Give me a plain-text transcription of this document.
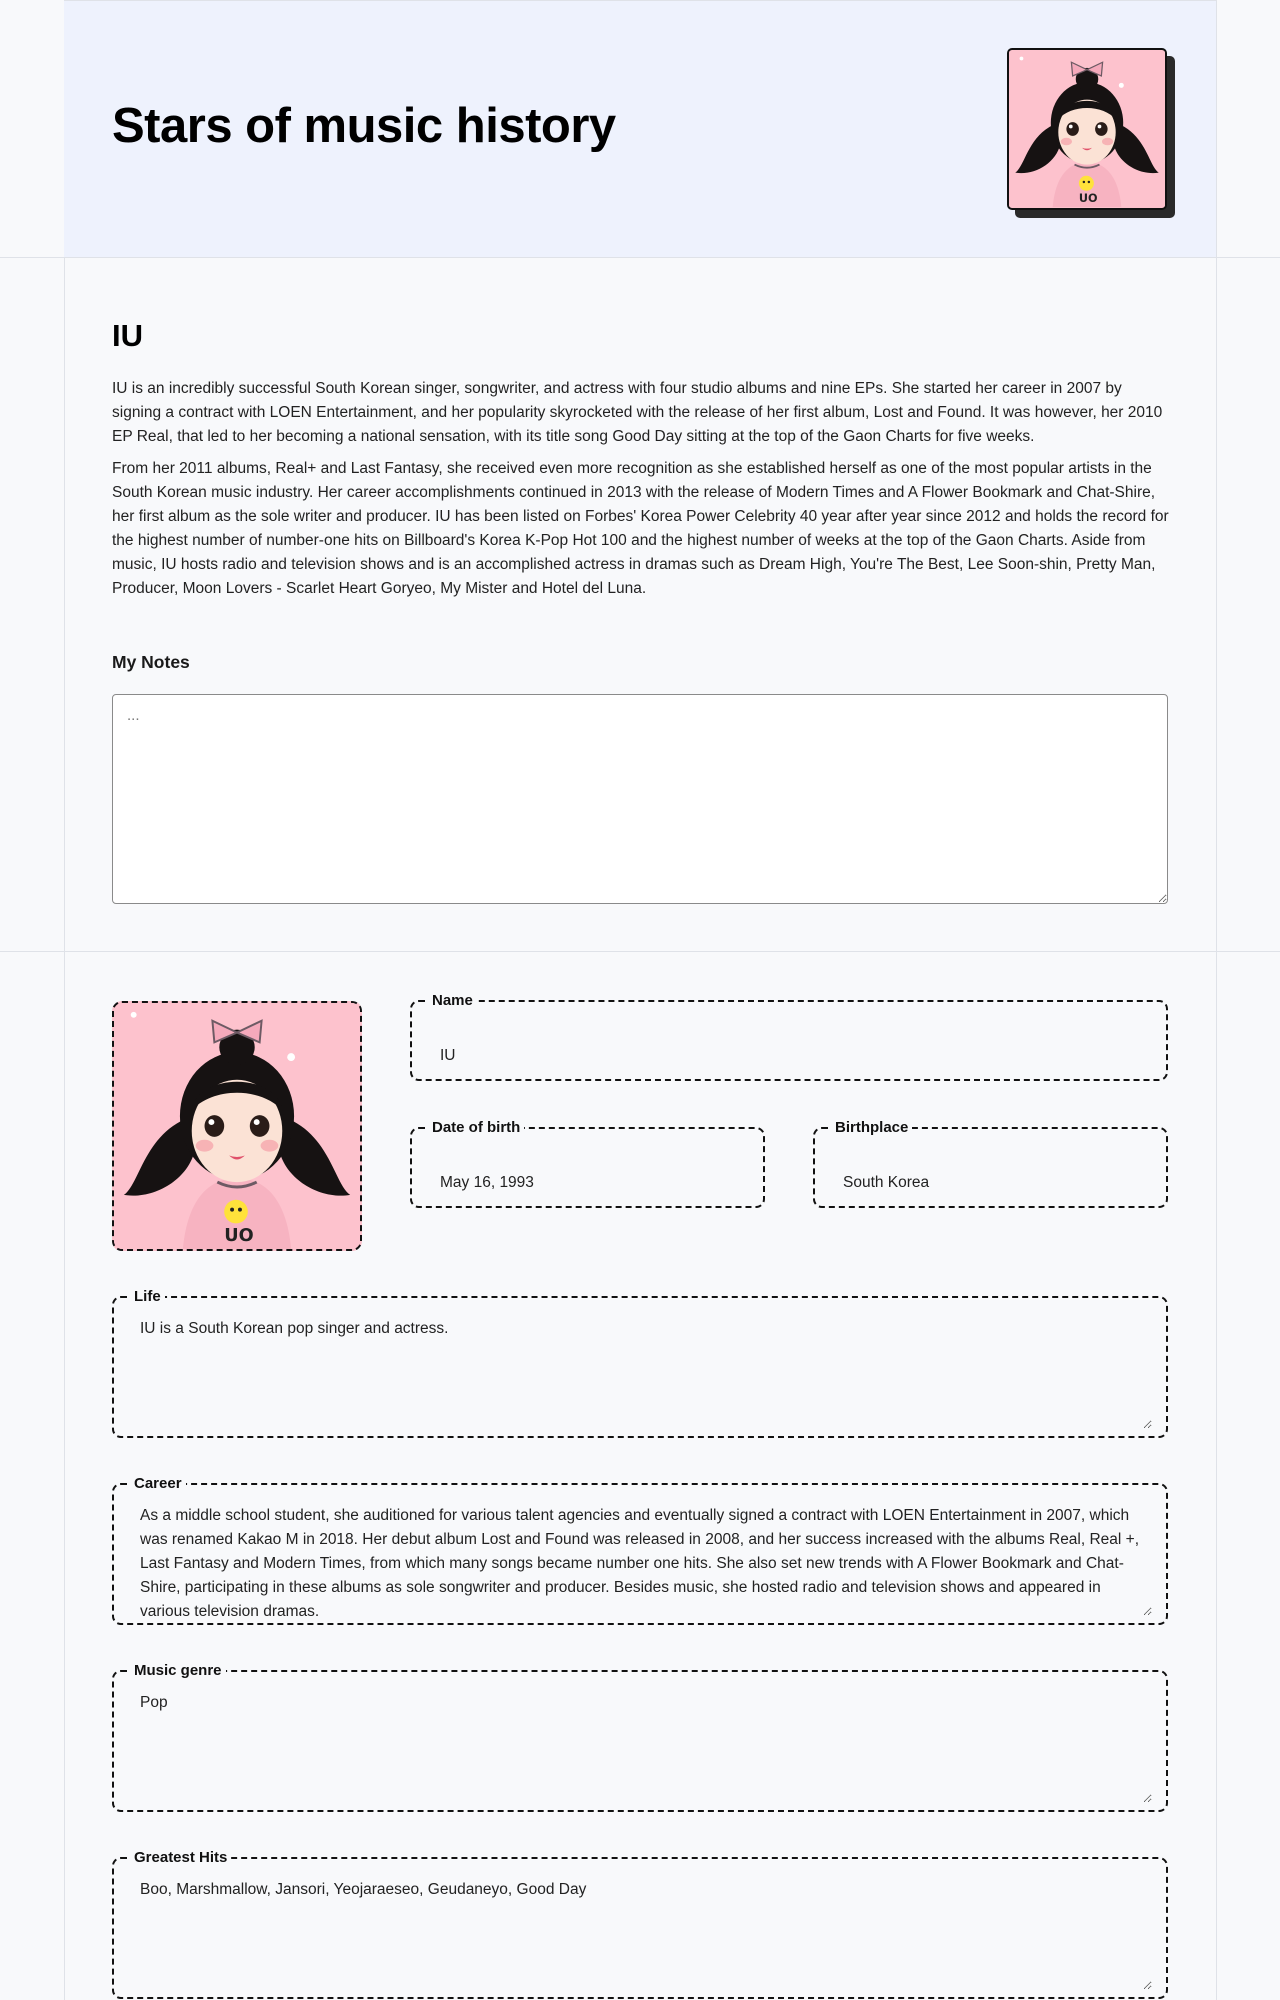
Stars of music history
UO
IU

IU is an incredibly successful South Korean singer, songwriter, and actress with four studio albums and nine EPs. She started her career in 2007 by signing a contract with LOEN Entertainment, and her popularity skyrocketed with the release of her first album, Lost and Found. It was however, her 2010 EP Real, that led to her becoming a national sensation, with its title song Good Day sitting at the top of the Gaon Charts for five weeks.

From her 2011 albums, Real+ and Last Fantasy, she received even more recognition as she established herself as one of the most popular artists in the South Korean music industry. Her career accomplishments continued in 2013 with the release of Modern Times and A Flower Bookmark and Chat-Shire, her first album as the sole writer and producer. IU has been listed on Forbes' Korea Power Celebrity 40 year after year since 2012 and holds the record for the highest number of number-one hits on Billboard's Korea K-Pop Hot 100 and the highest number of weeks at the top of the Gaon Charts. Aside from music, IU hosts radio and television shows and is an accomplished actress in dramas such as Dream High, You're The Best, Lee Soon-shin, Pretty Man, Producer, Moon Lovers - Scarlet Heart Goryeo, My Mister and Hotel del Luna.

My Notes
...
UO
Name
IU
Date of birth
May 16, 1993
Birthplace
South Korea
Life
IU is a South Korean pop singer and actress.
Career
As a middle school student, she auditioned for various talent agencies and eventually signed a contract with LOEN Entertainment in 2007, which was renamed Kakao M in 2018. Her debut album Lost and Found was released in 2008, and her success increased with the albums Real, Real +, Last Fantasy and Modern Times, from which many songs became number one hits. She also set new trends with A Flower Bookmark and Chat-Shire, participating in these albums as sole songwriter and producer. Besides music, she hosted radio and television shows and appeared in various television dramas.
Music genre
Pop
Greatest Hits
Boo, Marshmallow, Jansori, Yeojaraeseo, Geudaneyo, Good Day
